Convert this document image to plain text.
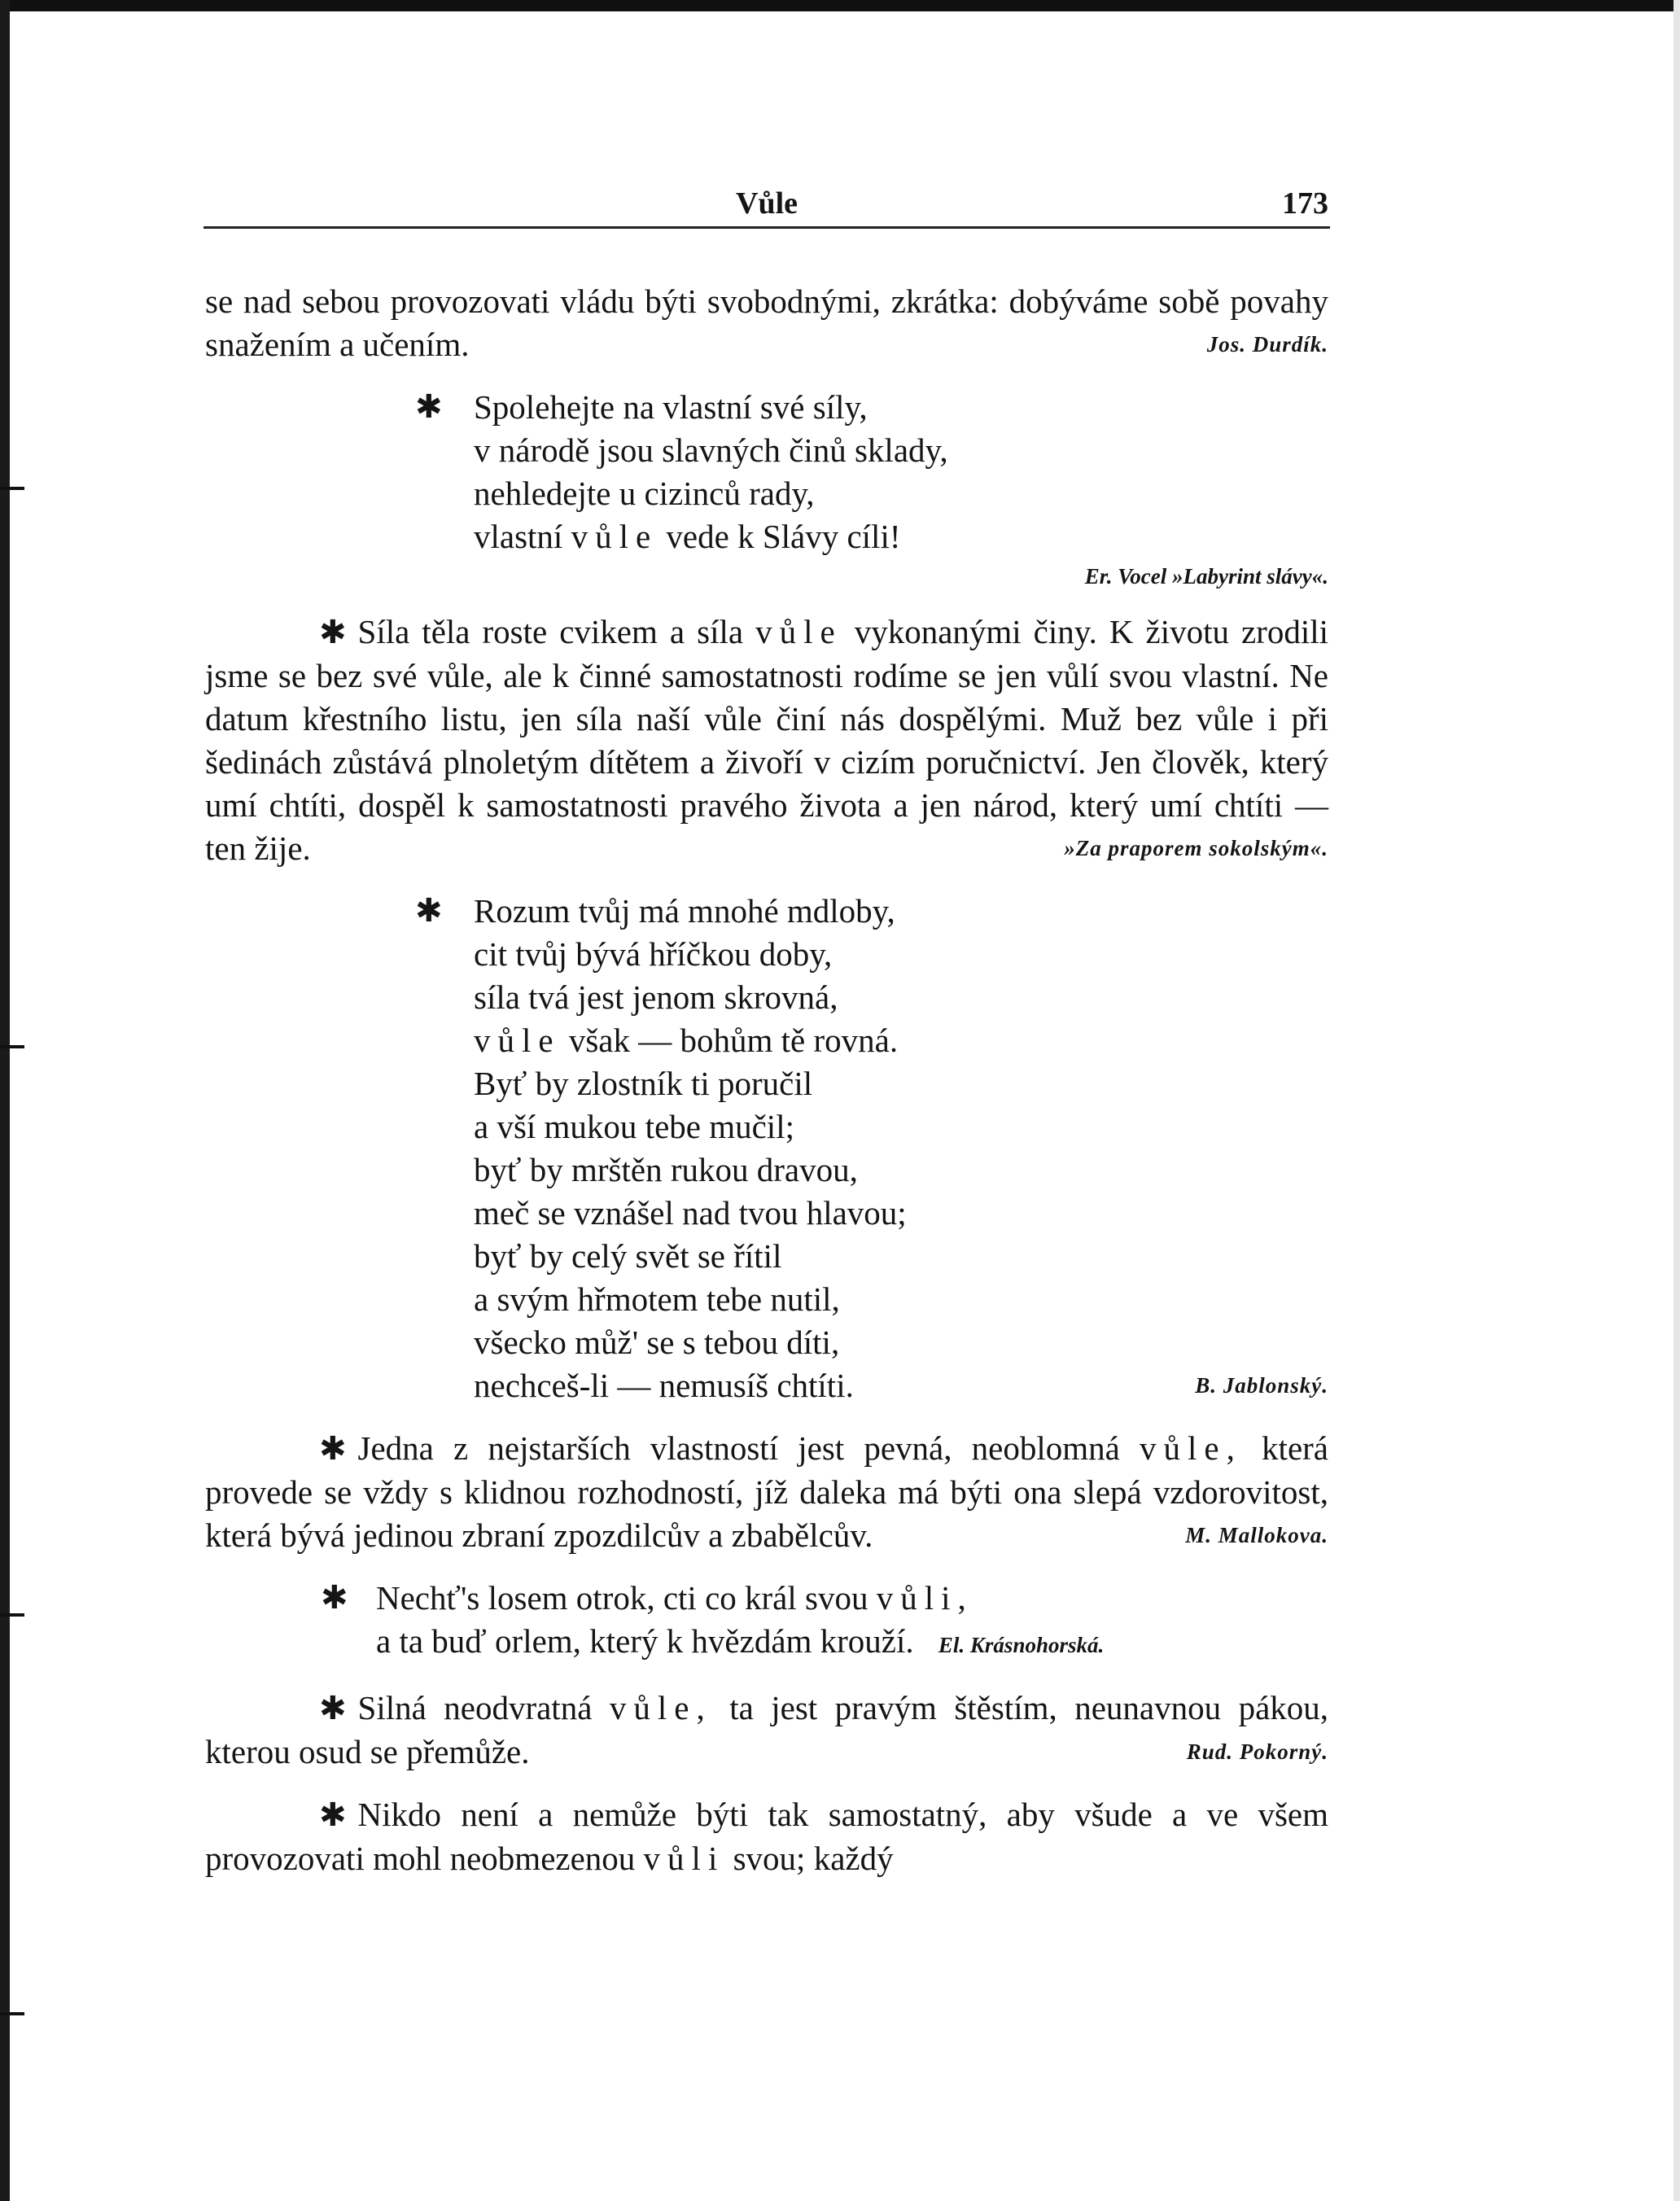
Vůle	173

se nad sebou provozovati vládu býti svobodnými, zkrátka: dobýváme sobě povahy snažením a učením.	Jos. Durdík.

✱ Spolehejte na vlastní své síly,
v národě jsou slavných činů sklady,
nehledejte u cizinců rady,
vlastní vůle vede k Slávy cíli!
Er. Vocel »Labyrint slávy«.

✱ Síla těla roste cvikem a síla vůle vykonanými činy. K životu zrodili jsme se bez své vůle, ale k činné samostatnosti rodíme se jen vůlí svou vlastní. Ne datum křestního listu, jen síla naší vůle činí nás dospělými. Muž bez vůle i při šedinách zůstává plnoletým dítětem a živoří v cizím poručnictví. Jen člověk, který umí chtíti, dospěl k samostatnosti pravého života a jen národ, který umí chtíti — ten žije.	»Za praporem sokolským«.

✱ Rozum tvůj má mnohé mdloby,
cit tvůj bývá hříčkou doby,
síla tvá jest jenom skrovná,
vůle však — bohům tě rovná.
Byť by zlostník ti poručil
a vší mukou tebe mučil;
byť by mrštěn rukou dravou,
meč se vznášel nad tvou hlavou;
byť by celý svět se řítil
a svým hřmotem tebe nutil,
všecko můž' se s tebou díti,
nechceš-li — nemusíš chtíti.	B. Jablonský.

✱ Jedna z nejstarších vlastností jest pevná, neoblomná vůle, která provede se vždy s klidnou rozhodností, jíž daleka má býti ona slepá vzdorovitost, která bývá jedinou zbraní zpozdilcův a zbabělcův.	M. Mallokova.

✱ Nechť's losem otrok, cti co král svou vůli,
a ta buď orlem, který k hvězdám krouží. El. Krásnohorská.

✱ Silná neodvratná vůle, ta jest pravým štěstím, neunavnou pákou, kterou osud se přemůže.	Rud. Pokorný.

✱ Nikdo není a nemůže býti tak samostatný, aby všude a ve všem provozovati mohl neobmezenou vůli svou; každý
